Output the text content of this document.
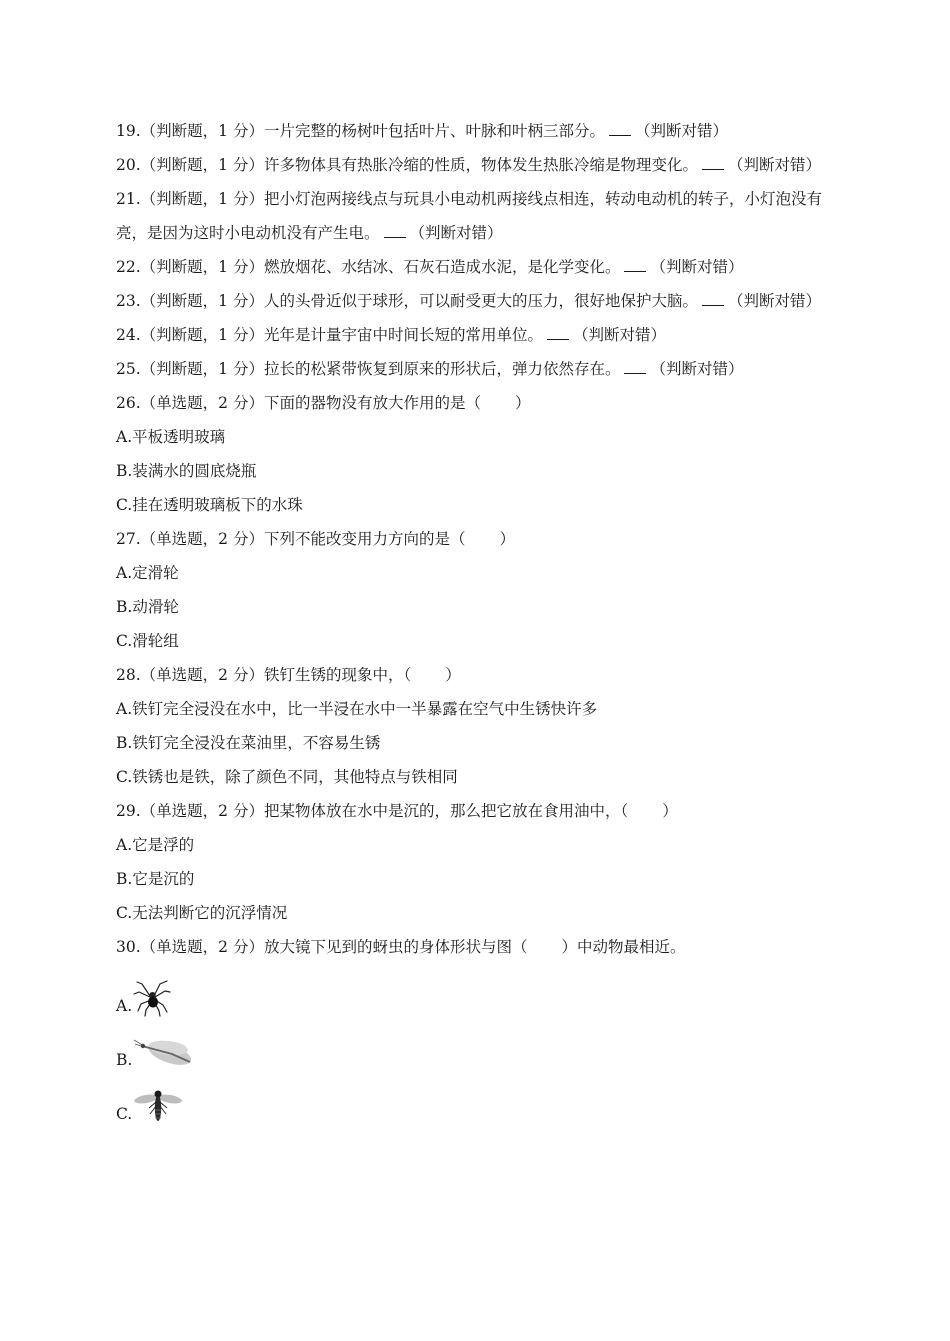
19.（判断题，1 分）一片完整的杨树叶包括叶片、叶脉和叶柄三部分。 （判断对错）
20.（判断题，1 分）许多物体具有热胀冷缩的性质，物体发生热胀冷缩是物理变化。 （判断对错）
21.（判断题，1 分）把小灯泡两接线点与玩具小电动机两接线点相连，转动电动机的转子，小灯泡没有亮，是因为这时小电动机没有产生电。 （判断对错）
22.（判断题，1 分）燃放烟花、水结冰、石灰石造成水泥，是化学变化。 （判断对错）
23.（判断题，1 分）人的头骨近似于球形，可以耐受更大的压力，很好地保护大脑。 （判断对错）
24.（判断题，1 分）光年是计量宇宙中时间长短的常用单位。 （判断对错）
25.（判断题，1 分）拉长的松紧带恢复到原来的形状后，弹力依然存在。 （判断对错）
26.（单选题，2 分）下面的器物没有放大作用的是（ ）
A.平板透明玻璃
B.装满水的圆底烧瓶
C.挂在透明玻璃板下的水珠
27.（单选题，2 分）下列不能改变用力方向的是（ ）
A.定滑轮
B.动滑轮
C.滑轮组
28.（单选题，2 分）铁钉生锈的现象中，（ ）
A.铁钉完全浸没在水中，比一半浸在水中一半暴露在空气中生锈快许多
B.铁钉完全浸没在菜油里，不容易生锈
C.铁锈也是铁，除了颜色不同，其他特点与铁相同
29.（单选题，2 分）把某物体放在水中是沉的，那么把它放在食用油中，（ ）
A.它是浮的
B.它是沉的
C.无法判断它的沉浮情况
30.（单选题，2 分）放大镜下见到的蚜虫的身体形状与图（ ）中动物最相近。
A.
B.
C.
